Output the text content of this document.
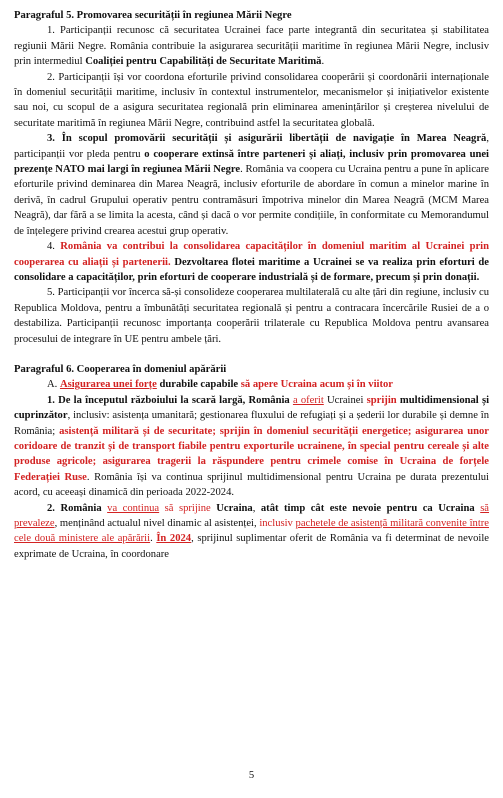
Paragraful 5. Promovarea securității în regiunea Mării Negre

1. Participanții recunosc că securitatea Ucrainei face parte integrantă din securitatea și stabilitatea regiunii Mării Negre. România contribuie la asigurarea securității maritime în regiunea Mării Negre, inclusiv prin intermediul Coaliției pentru Capabilități de Securitate Maritimă.

2. Participanții își vor coordona eforturile privind consolidarea cooperării și coordonării internaționale în domeniul securității maritime, inclusiv în contextul instrumentelor, mecanismelor și inițiativelor existente sau noi, cu scopul de a asigura securitatea regională prin eliminarea amenințărilor și creșterea nivelului de securitate maritimă în regiunea Mării Negre, contribuind astfel la securitatea globală.

3. În scopul promovării securității și asigurării libertății de navigație în Marea Neagră, participanții vor pleda pentru o cooperare extinsă între parteneri și aliați, inclusiv prin promovarea unei prezențe NATO mai largi în regiunea Mării Negre. România va coopera cu Ucraina pentru a pune în aplicare eforturile privind deminarea din Marea Neagră, inclusiv eforturile de abordare în comun a minelor marine în derivă, în cadrul Grupului operativ pentru contramăsuri împotriva minelor din Marea Neagră (MCM Marea Neagră), dar fără a se limita la acesta, când și dacă o vor permite condițiile, în conformitate cu Memorandumul de înțelegere privind crearea acestui grup operativ.

4. România va contribui la consolidarea capacităților în domeniul maritim al Ucrainei prin cooperarea cu aliații și partenerii. Dezvoltarea flotei maritime a Ucrainei se va realiza prin eforturi de consolidare a capacităților, prin eforturi de cooperare industrială și de formare, precum și prin donații.

5. Participanții vor încerca să-și consolideze cooperarea multilaterală cu alte țări din regiune, inclusiv cu Republica Moldova, pentru a îmbunătăți securitatea regională și pentru a contracara încercările Rusiei de a o destabiliza. Participanții recunosc importanța cooperării trilaterale cu Republica Moldova pentru avansarea procesului de integrare în UE pentru ambele țări.

Paragraful 6. Cooperarea în domeniul apărării

A. Asigurarea unei forțe durabile capabile să apere Ucraina acum și în viitor

1. De la începutul războiului la scară largă, România a oferit Ucrainei sprijin multidimensional și cuprinzător, inclusiv: asistența umanitară; gestionarea fluxului de refugiați și a șederii lor durabile și demne în România; asistență militară și de securitate; sprijin în domeniul securității energetice; asigurarea unor coridoare de tranzit și de transport fiabile pentru exporturile ucrainene, în special pentru cereale și alte produse agricole; asigurarea tragerii la răspundere pentru crimele comise în Ucraina de forțele Federației Ruse. România își va continua sprijinul multidimensional pentru Ucraina pe durata prezentului acord, cu aceeași dinamică din perioada 2022-2024.

2. România va continua să sprijine Ucraina, atât timp cât este nevoie pentru ca Ucraina să prevaleze, menținând actualul nivel dinamic al asistenței, inclusiv pachetele de asistență militară convenite între cele două ministere ale apărării. În 2024, sprijinul suplimentar oferit de România va fi determinat de nevoile exprimate de Ucraina, în coordonare

5
